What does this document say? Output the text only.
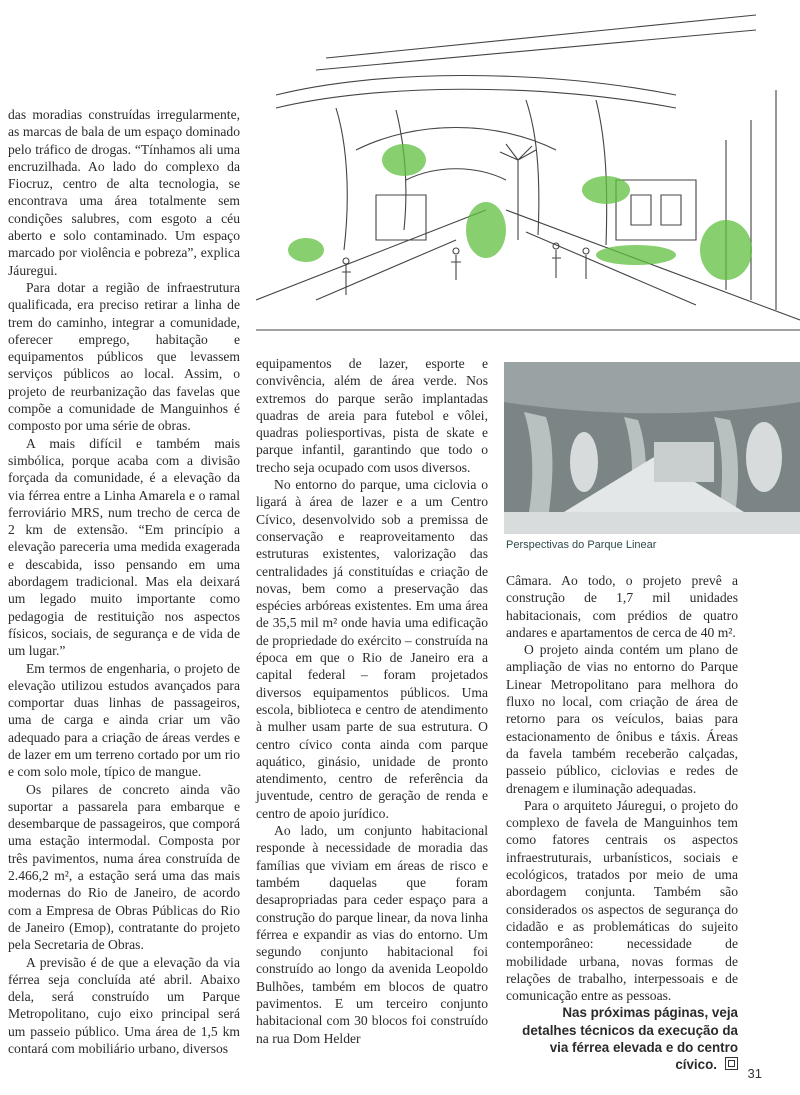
das moradias construídas irregularmente, as marcas de bala de um espaço dominado pelo tráfico de drogas. “Tínhamos ali uma encruzilhada. Ao lado do complexo da Fiocruz, centro de alta tecnologia, se encontrava uma área totalmente sem condições salubres, com esgoto a céu aberto e solo contaminado. Um espaço marcado por violência e pobreza”, explica Jáuregui.

Para dotar a região de infraestrutura qualificada, era preciso retirar a linha de trem do caminho, integrar a comunidade, oferecer emprego, habitação e equipamentos públicos que levassem serviços públicos ao local. Assim, o projeto de reurbanização das favelas que compõe a comunidade de Manguinhos é composto por uma série de obras.

A mais difícil e também mais simbólica, porque acaba com a divisão forçada da comunidade, é a elevação da via férrea entre a Linha Amarela e o ramal ferroviário MRS, num trecho de cerca de 2 km de extensão. “Em princípio a elevação pareceria uma medida exagerada e descabida, isso pensando em uma abordagem tradicional. Mas ela deixará um legado muito importante como pedagogia de restituição nos aspectos físicos, sociais, de segurança e de vida de um lugar.”

Em termos de engenharia, o projeto de elevação utilizou estudos avançados para comportar duas linhas de passageiros, uma de carga e ainda criar um vão adequado para a criação de áreas verdes e de lazer em um terreno cortado por um rio e com solo mole, típico de mangue.

Os pilares de concreto ainda vão suportar a passarela para embarque e desembarque de passageiros, que comporá uma estação intermodal. Composta por três pavimentos, numa área construída de 2.466,2 m², a estação será uma das mais modernas do Rio de Janeiro, de acordo com a Empresa de Obras Públicas do Rio de Janeiro (Emop), contratante do projeto pela Secretaria de Obras.

A previsão é de que a elevação da via férrea seja concluída até abril. Abaixo dela, será construído um Parque Metropolitano, cujo eixo principal será um passeio público. Uma área de 1,5 km contará com mobiliário urbano, diversos

equipamentos de lazer, esporte e convivência, além de área verde. Nos extremos do parque serão implantadas quadras de areia para futebol e vôlei, quadras poliesportivas, pista de skate e parque infantil, garantindo que todo o trecho seja ocupado com usos diversos.

No entorno do parque, uma ciclovia o ligará à área de lazer e a um Centro Cívico, desenvolvido sob a premissa de conservação e reaproveitamento das estruturas existentes, valorização das centralidades já constituídas e criação de novas, bem como a preservação das espécies arbóreas existentes. Em uma área de 35,5 mil m² onde havia uma edificação de propriedade do exército – construída na época em que o Rio de Janeiro era a capital federal – foram projetados diversos equipamentos públicos. Uma escola, biblioteca e centro de atendimento à mulher usam parte de sua estrutura. O centro cívico conta ainda com parque aquático, ginásio, unidade de pronto atendimento, centro de referência da juventude, centro de geração de renda e centro de apoio jurídico.

Ao lado, um conjunto habitacional responde à necessidade de moradia das famílias que viviam em áreas de risco e também daquelas que foram desapropriadas para ceder espaço para a construção do parque linear, da nova linha férrea e expandir as vias do entorno. Um segundo conjunto habitacional foi construído ao longo da avenida Leopoldo Bulhões, também em blocos de quatro pavimentos. E um terceiro conjunto habitacional com 30 blocos foi construído na rua Dom Helder

Perspectivas do Parque Linear

Câmara. Ao todo, o projeto prevê a construção de 1,7 mil unidades habitacionais, com prédios de quatro andares e apartamentos de cerca de 40 m².

O projeto ainda contém um plano de ampliação de vias no entorno do Parque Linear Metropolitano para melhora do fluxo no local, com criação de área de retorno para os veículos, baias para estacionamento de ônibus e táxis. Áreas da favela também receberão calçadas, passeio público, ciclovias e redes de drenagem e iluminação adequadas.

Para o arquiteto Jáuregui, o projeto do complexo de favela de Manguinhos tem como fatores centrais os aspectos infraestruturais, urbanísticos, sociais e ecológicos, tratados por meio de uma abordagem conjunta. Também são considerados os aspectos de segurança do cidadão e as problemáticas do sujeito contemporâneo: necessidade de mobilidade urbana, novas formas de relações de trabalho, interpessoais e de comunicação entre as pessoas.

Nas próximas páginas, veja detalhes técnicos da execução da via férrea elevada e do centro cívico.

31
